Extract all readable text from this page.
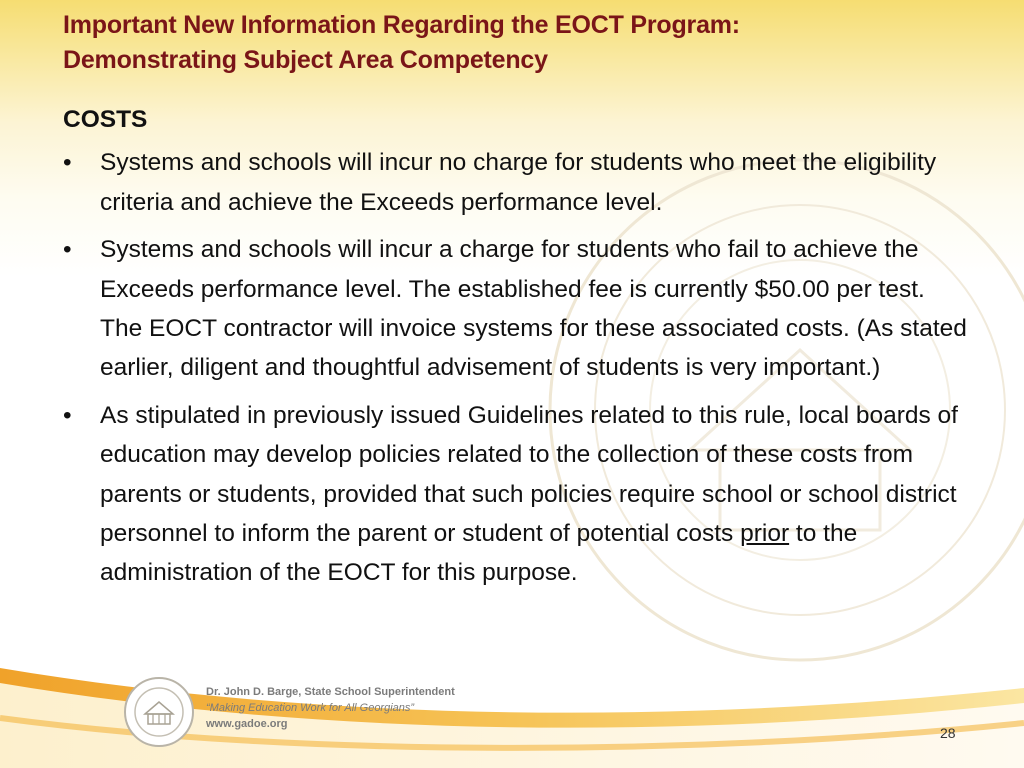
Important New Information Regarding the EOCT Program:
Demonstrating Subject Area Competency
COSTS
•	Systems and schools will incur no charge for students who meet the eligibility criteria and achieve the Exceeds performance level.
•	Systems and schools will incur a charge for students who fail to achieve the Exceeds performance level. The established fee is currently $50.00 per test. The EOCT contractor will invoice systems for these associated costs. (As stated earlier, diligent and thoughtful advisement of students is very important.)
•	As stipulated in previously issued Guidelines related to this rule, local boards of education may develop policies related to the collection of these costs from parents or students, provided that such policies require school or school district personnel to inform the parent or student of potential costs prior to the administration of the EOCT for this purpose.
Dr. John D. Barge, State School Superintendent
“Making Education Work for All Georgians”
www.gadoe.org
28
